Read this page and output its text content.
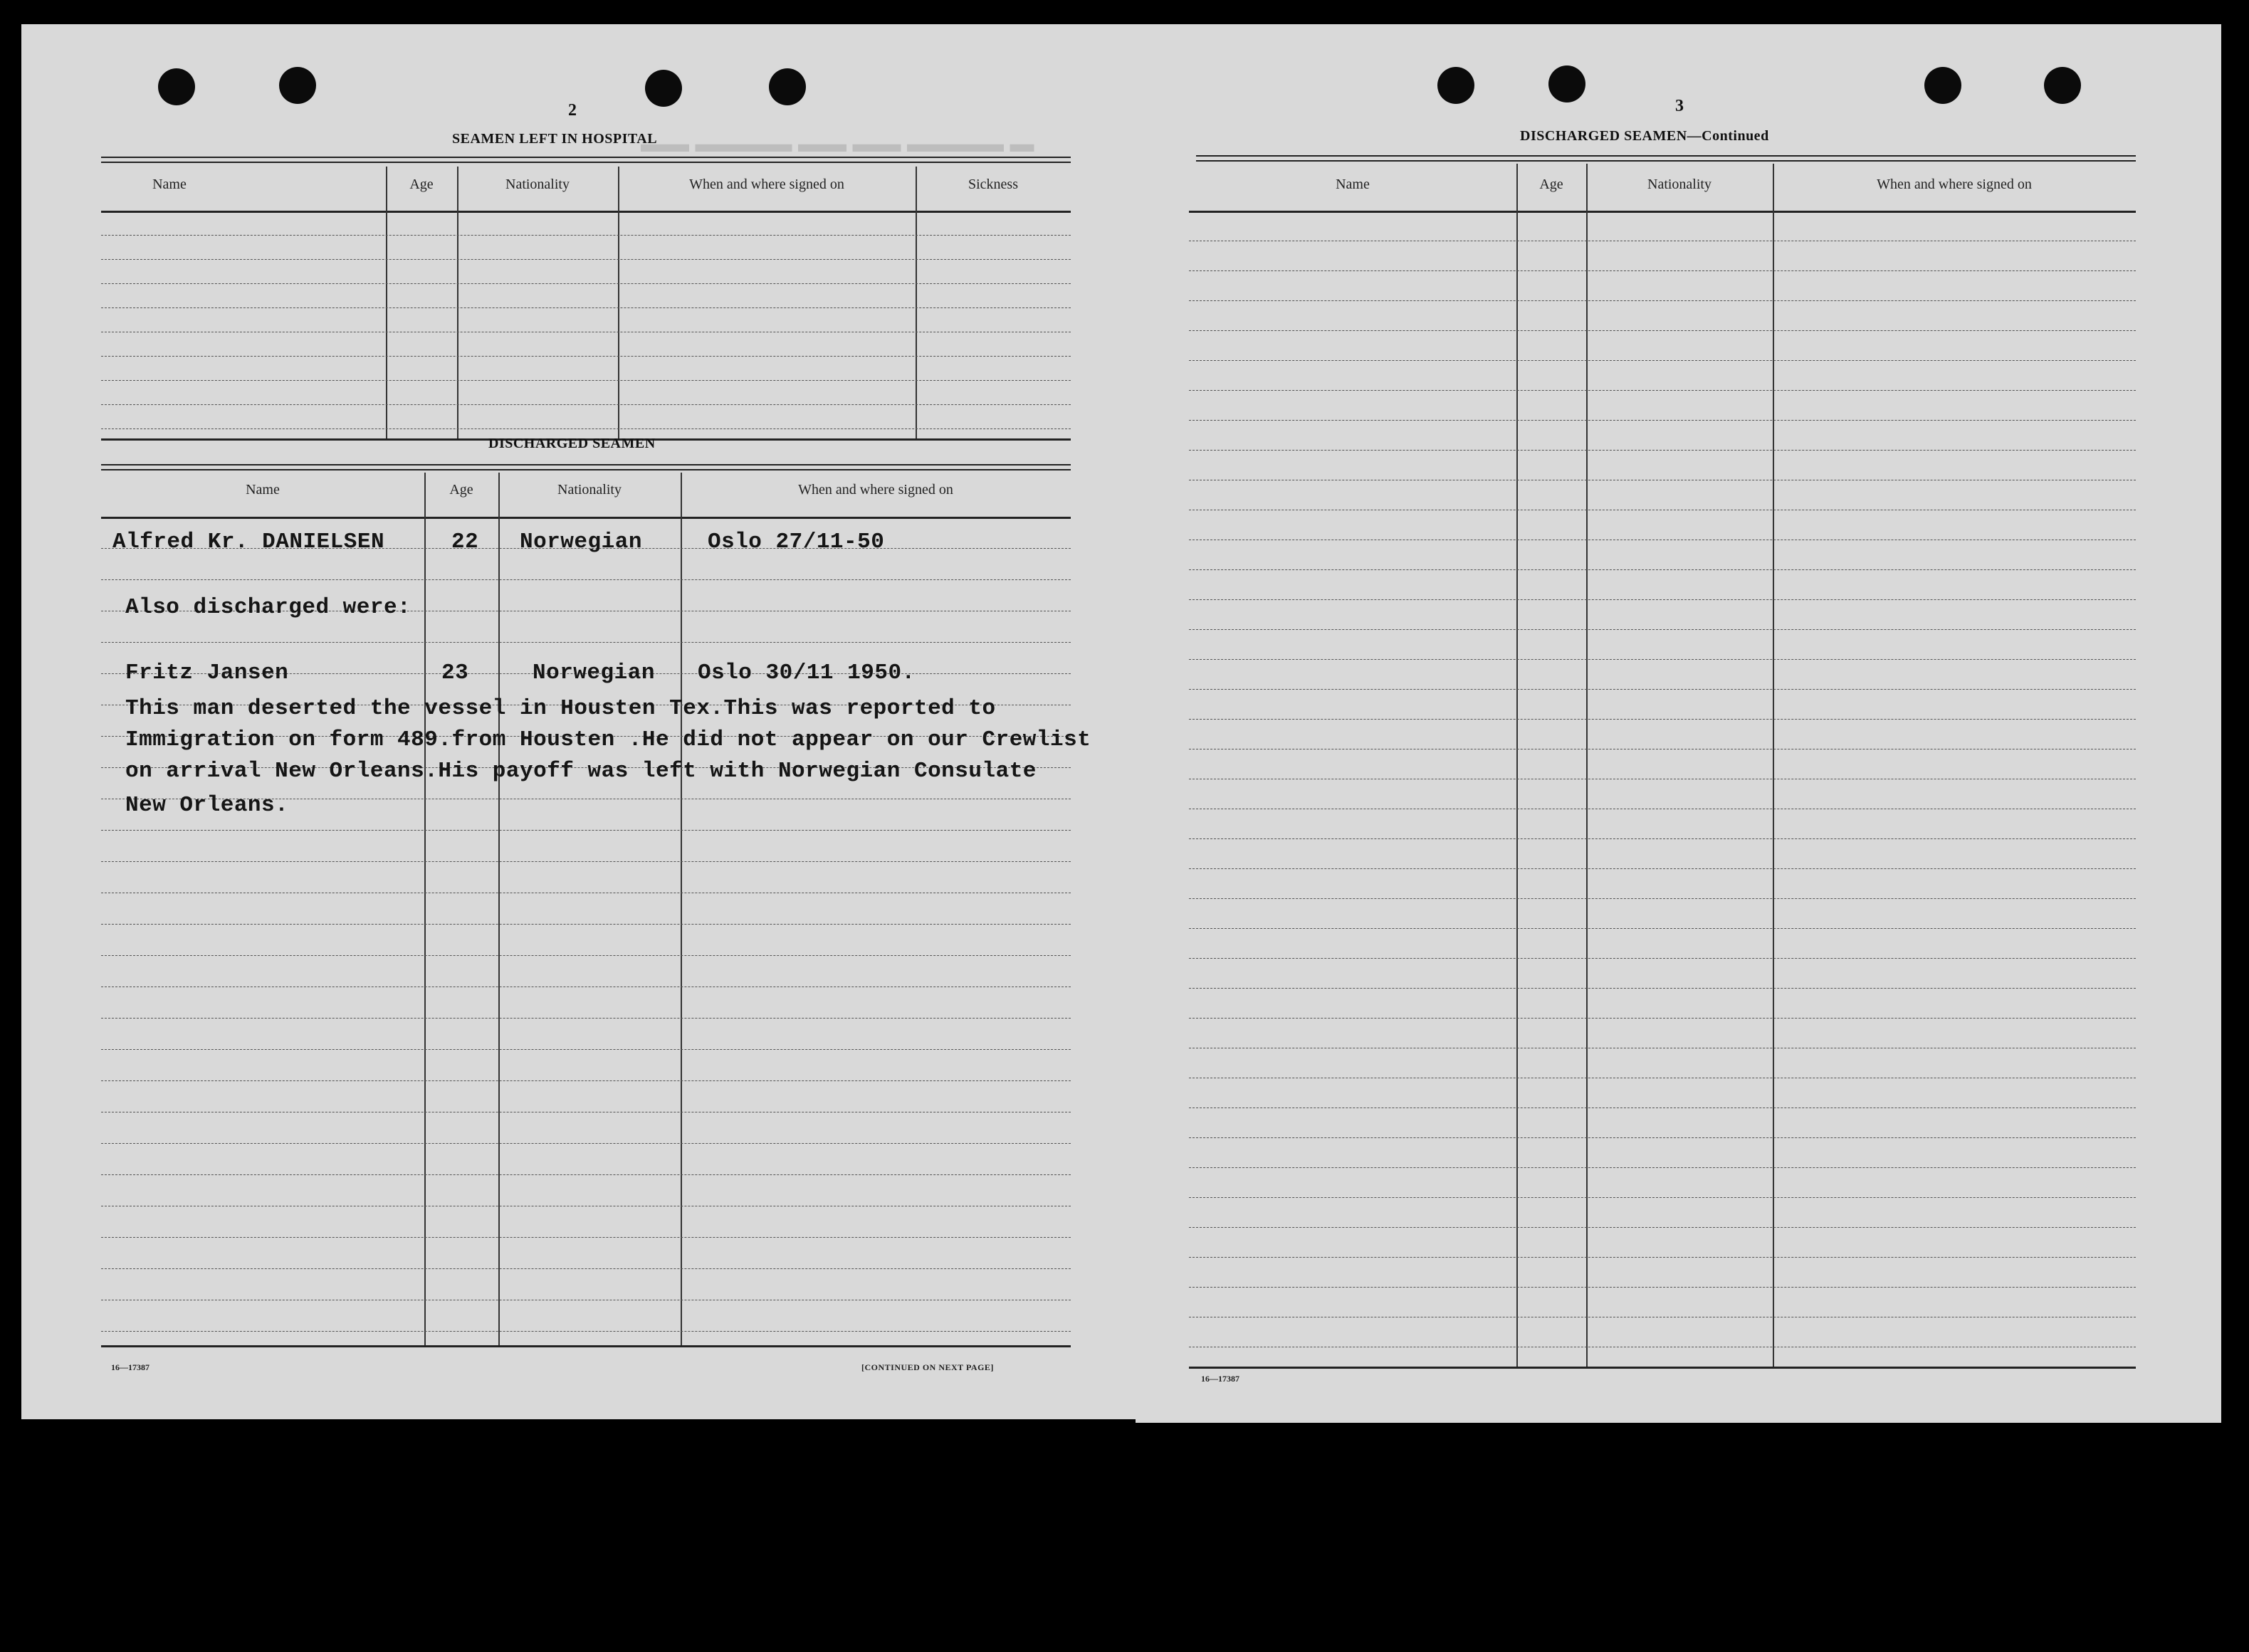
▬ ▬▬▬▬ ▬▬ ▬▬ ▬▬▬▬ ▬▬
2
SEAMEN LEFT IN HOSPITAL
Name	Age	Nationality	When and where signed on	Sickness
DISCHARGED SEAMEN
Name	Age	Nationality	When and where signed on
Alfred Kr. DANIELSEN	22 Norwegian	Oslo 27/11-50
Also discharged were:
Fritz Jansen	23	Norwegian Oslo 30/11 1950.
This man deserted the vessel in Housten Tex.This was reported to
Immigration on form 489.from Housten .He did not appear on our Crewlist
on arrival New Orleans.His payoff was left with Norwegian Consulate
New Orleans.
16—17387	[CONTINUED ON NEXT PAGE]
3
DISCHARGED SEAMEN—Continued
Name	Age	Nationality	When and where signed on
16—17387
